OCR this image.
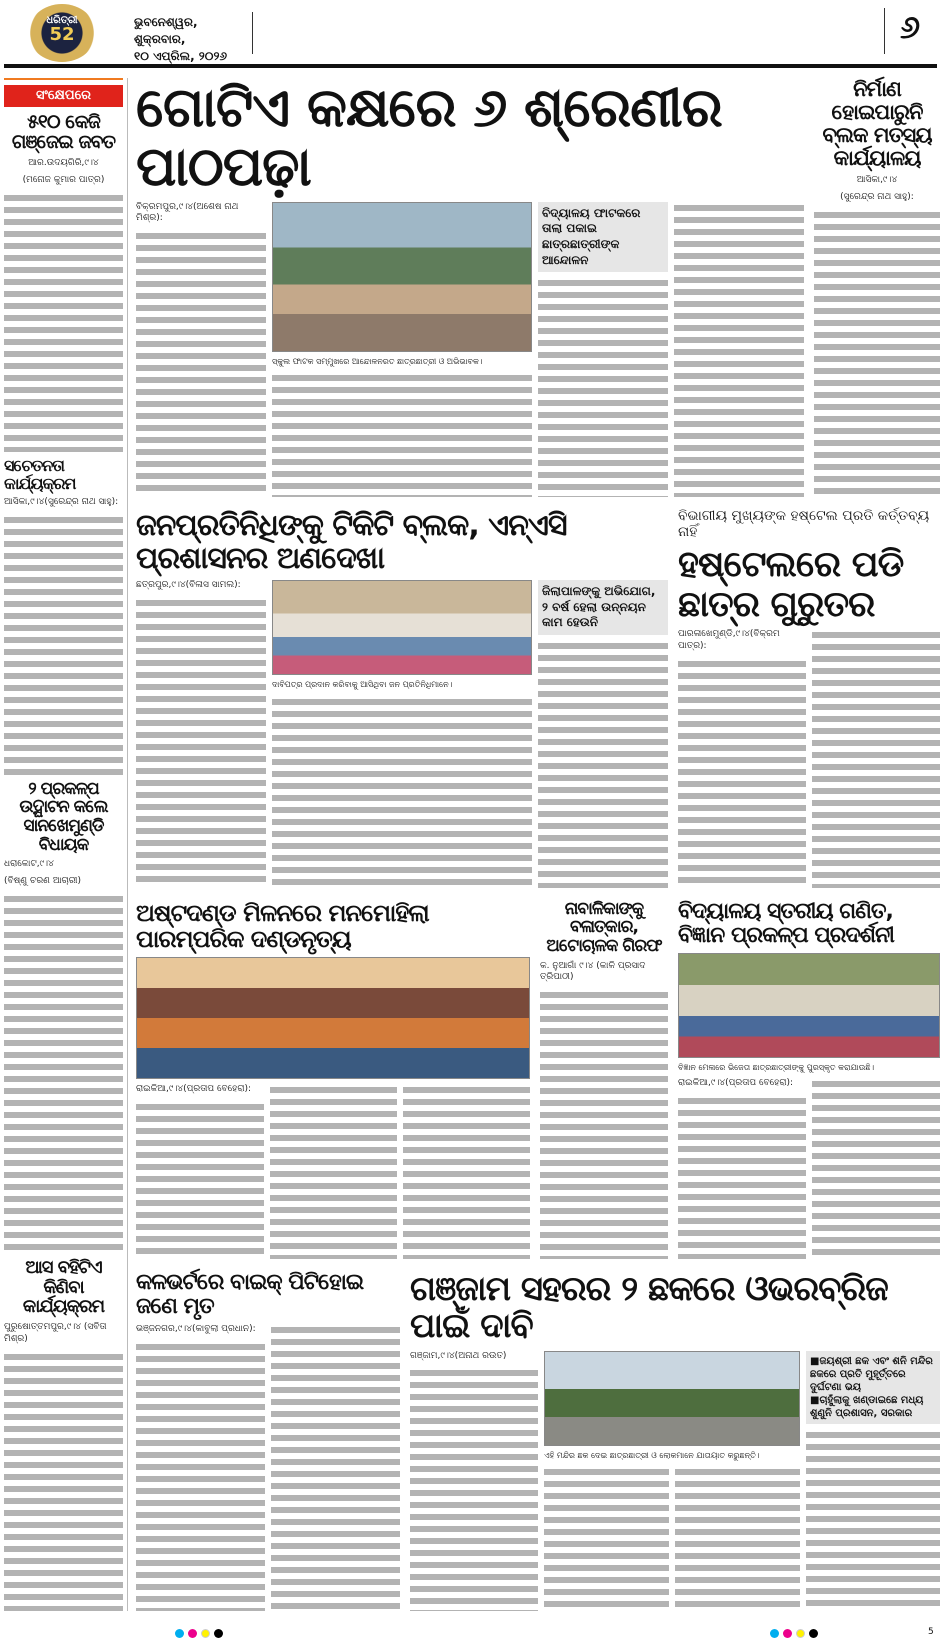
ଧରିତ୍ରୀ
52
ଭୁବନେଶ୍ୱର, ଶୁକ୍ରବାର,
୧୦ ଏପ୍ରିଲ, ୨୦୨୬
୬
ସଂକ୍ଷେପରେ
୫୧୦ କେଜି ଗଞ୍ଜେଇ ଜବତ
ଆର.ଉଦୟଗିରି,୯।୪
(ମନୋଜ କୁମାର ପାତ୍ର)
ସଚେତନତା କାର୍ଯ୍ୟକ୍ରମ
ଆସିକା,୯।୪(ସୁରେନ୍ଦ୍ର ନାଥ ସାହୁ):
୨ ପ୍ରକଳ୍ପ ଉଦ୍ଘାଟନ କଲେ ସାନଖେମୁଣ୍ଡି ବିଧାୟକ
ଧରାକୋଟ,୯।୪
(ବିଷ୍ଣୁ ଚରଣ ଆଚାରୀ)
ଆସ ବହିଟିଏ କିଣିବା କାର୍ଯ୍ୟକ୍ରମ
ପୁରୁଷୋତ୍ତମପୁର,୯।୪ (ସବିତା ମିଶ୍ର)
ଗୋଟିଏ କକ୍ଷରେ ୬ ଶ୍ରେଣୀର ପାଠପଢ଼ା
ବିକ୍ରମପୁର,୯।୪(ଅଶେଷ ନାଥ ମିଶ୍ର):
ସ୍କୁଲ ଫାଟକ ସମ୍ମୁଖରେ ଆନ୍ଦୋଳନରତ ଛାତ୍ରଛାତ୍ରୀ ଓ ଅଭିଭାବକ।
ବିଦ୍ୟାଳୟ ଫାଟକରେ ତାଲା ପକାଇ ଛାତ୍ରଛାତ୍ରୀଙ୍କ ଆନ୍ଦୋଳନ
ନିର୍ମାଣ ହୋଇପାରୁନି ବ୍ଲକ ମତ୍ସ୍ୟ କାର୍ଯ୍ୟାଳୟ
ଆସିକା,୯।୪
(ସୁରେନ୍ଦ୍ର ନାଥ ସାହୁ):
ଜନପ୍ରତିନିଧିଙ୍କୁ ଟିକିଟି ବ୍ଲକ, ଏନ୍ଏସି ପ୍ରଶାସନର ଅଣଦେଖା
ଛତ୍ରପୁର,୯।୪(ବିଳାସ ସାମଲ):
ଦାବିପତ୍ର ପ୍ରଦାନ କରିବାକୁ ଆସିଥିବା ଜନ ପ୍ରତିନିଧିମାନେ।
ଜିଲାପାଳଙ୍କୁ ଅଭିଯୋଗ, ୨ ବର୍ଷ ହେଲା ଉନ୍ନୟନ କାମ ହେଉନି
ବିଭାଗୀୟ ମୁଖ୍ୟଙ୍କ ହଷ୍ଟେଲ ପ୍ରତି କର୍ତ୍ତବ୍ୟ ନାହିଁ
ହଷ୍ଟେଲରେ ପଡି ଛାତ୍ର ଗୁରୁତର
ପାରଳାଖେମୁଣ୍ଡି,୯।୪(ବିକ୍ରମ ପାତ୍ର):
ଅଷ୍ଟଦଣ୍ଡ ମିଳନରେ ମନମୋହିଲା ପାରମ୍ପରିକ ଦଣ୍ଡନୃତ୍ୟ
ରାଇକିଆ,୯।୪(ପ୍ରତାପ ବେହେରା):
ନାବାଳିକାଙ୍କୁ ବଳାତ୍କାର, ଅଟୋଚାଳକ ଗିରଫ
କ. ନୁଆଗାଁ ୯।୪ (କାଳି ପ୍ରସାଦ ତ୍ରିପାଠୀ)
ବିଦ୍ୟାଳୟ ସ୍ତରୀୟ ଗଣିତ, ବିଜ୍ଞାନ ପ୍ରକଳ୍ପ ପ୍ରଦର୍ଶନୀ
ବିଜ୍ଞାନ ମେଳାରେ ଭିଜେତା ଛାତ୍ରଛାତ୍ରୀଙ୍କୁ ପୁରସ୍କୃତ କରାଯାଉଛି।
ରାଇକିଆ,୯।୪(ପ୍ରତାପ ବେହେରା):
କଳଭର୍ଟରେ ବାଇକ୍ ପିଟିହୋଇ ଜଣେ ମୃତ
ଭଞ୍ଜନଗର,୯।୪(କାବୁଲା ପ୍ରଧାନ):
ଗଞ୍ଜାମ ସହରର ୨ ଛକରେ ଓଭରବ୍ରିଜ ପାଇଁ ଦାବି
ଗଞ୍ଜାମ,୯।୪(ଅନାଥ ରଉତ)
ଏହି ମନ୍ଦିର ଛକ ଦେଇ ଛାତ୍ରଛାତ୍ରୀ ଓ ଲୋକମାନେ ଯାତାୟାତ କରୁଛନ୍ତି।
■ଜୟଶ୍ରୀ ଛକ ଏବଂ ଶନି ମନ୍ଦିର ଛକରେ ପ୍ରତି ମୁହୂର୍ତ୍ତରେ ଦୁର୍ଘଟଣା ଭୟ
■ଚାହୁଁଲାକୁ ଖଣ୍ଡାଇଛେ ମଧ୍ୟ ଶୁଣୁନି ପ୍ରଶାସନ, ସରକାର
5
